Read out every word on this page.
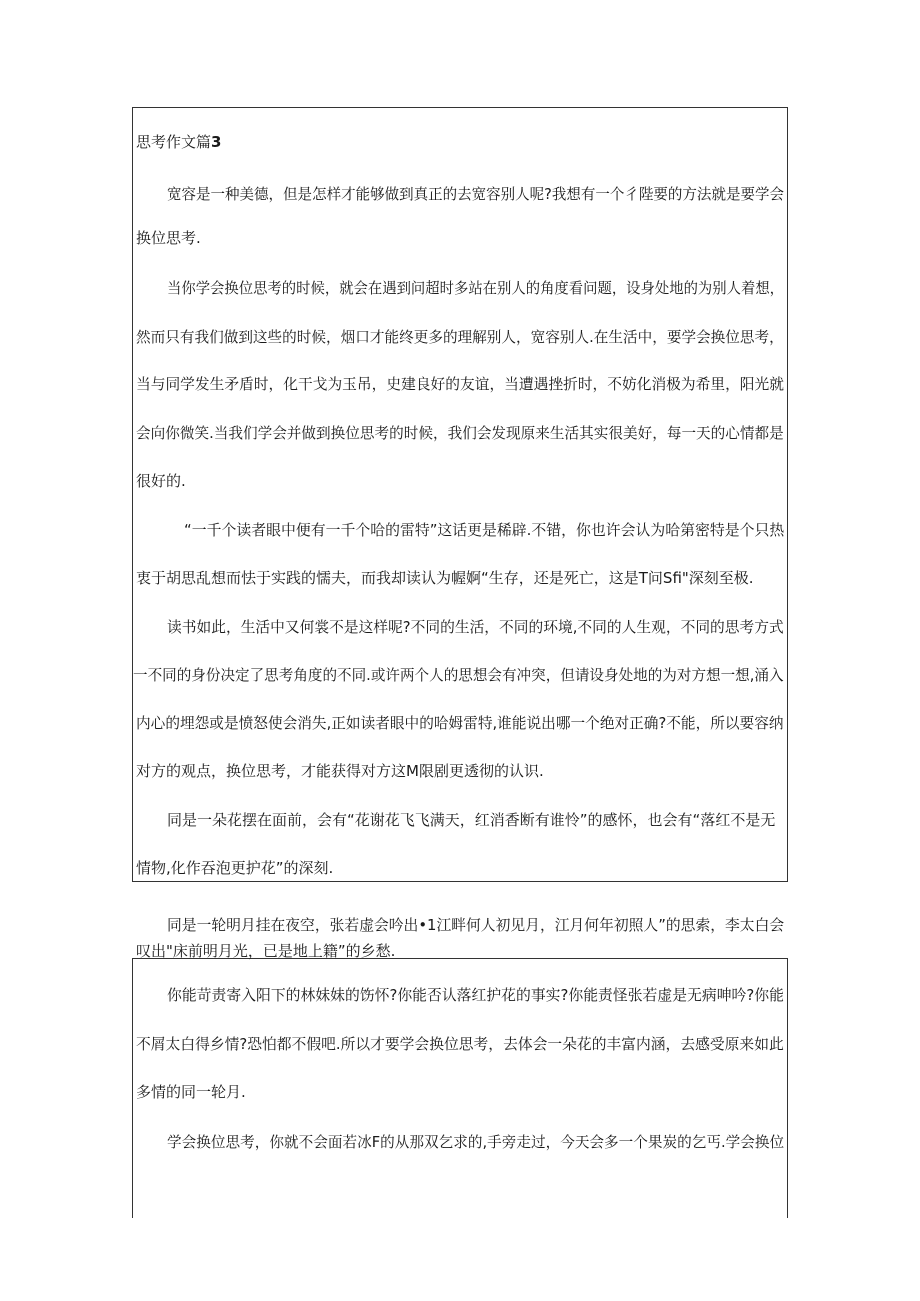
思考作文篇3
宽容是一种美德，但是怎样才能够做到真正的去宽容别人呢?我想有一个彳陛要的方法就是要学会
换位思考.
当你学会换位思考的时候，就会在遇到问超时多站在别人的角度看问题，设身处地的为别人着想，
然而只有我们做到这些的时候，烟口才能终更多的理解别人，宽容别人.在生活中，要学会换位思考，
当与同学发生矛盾时，化干戈为玉吊，史建良好的友谊，当遭遇挫折时，不妨化消极为希里，阳光就
会向你微笑.当我们学会并做到换位思考的时候，我们会发现原来生活其实很美好，每一天的心情都是
很好的.
“一千个读者眼中便有一千个哈的雷特”这话更是稀辟.不错，你也许会认为哈第密特是个只热
衷于胡思乱想而怯于实践的懦夫，而我却读认为幄婀“生存，还是死亡，这是T问Sfi"深刻至极.
读书如此，生活中又何裳不是这样呢?不同的生活，不同的环境,不同的人生观，不同的思考方式
一不同的身份决定了思考角度的不同.或许两个人的思想会有冲突，但请设身处地的为对方想一想,涌入
内心的埋怨或是愤怒使会消失,正如读者眼中的哈姆雷特,谁能说出哪一个绝对正确?不能，所以要容纳
对方的观点，换位思考，才能获得对方这M限剧更透彻的认识.
同是一朵花摆在面前，会有“花谢花飞飞满天，红消香断有谁怜”的感怀，也会有“落红不是无
情物,化作吞泡更护花”的深刻.
同是一轮明月挂在夜空，张若虚会吟出•1江畔何人初见月，江月何年初照人”的思索，李太白会
叹出"床前明月光，已是地上籍”的乡愁.
你能苛责寄入阳下的林妹妹的饬怀?你能否认落红护花的事实?你能责怪张若虚是无病呻吟?你能
不屑太白得乡情?恐怕都不假吧.所以才要学会换位思考，去体会一朵花的丰富内涵，去感受原来如此
多情的同一轮月.
学会换位思考，你就不会面若冰F的从那双乞求的,手旁走过，今天会多一个果炭的乞丐.学会换位
